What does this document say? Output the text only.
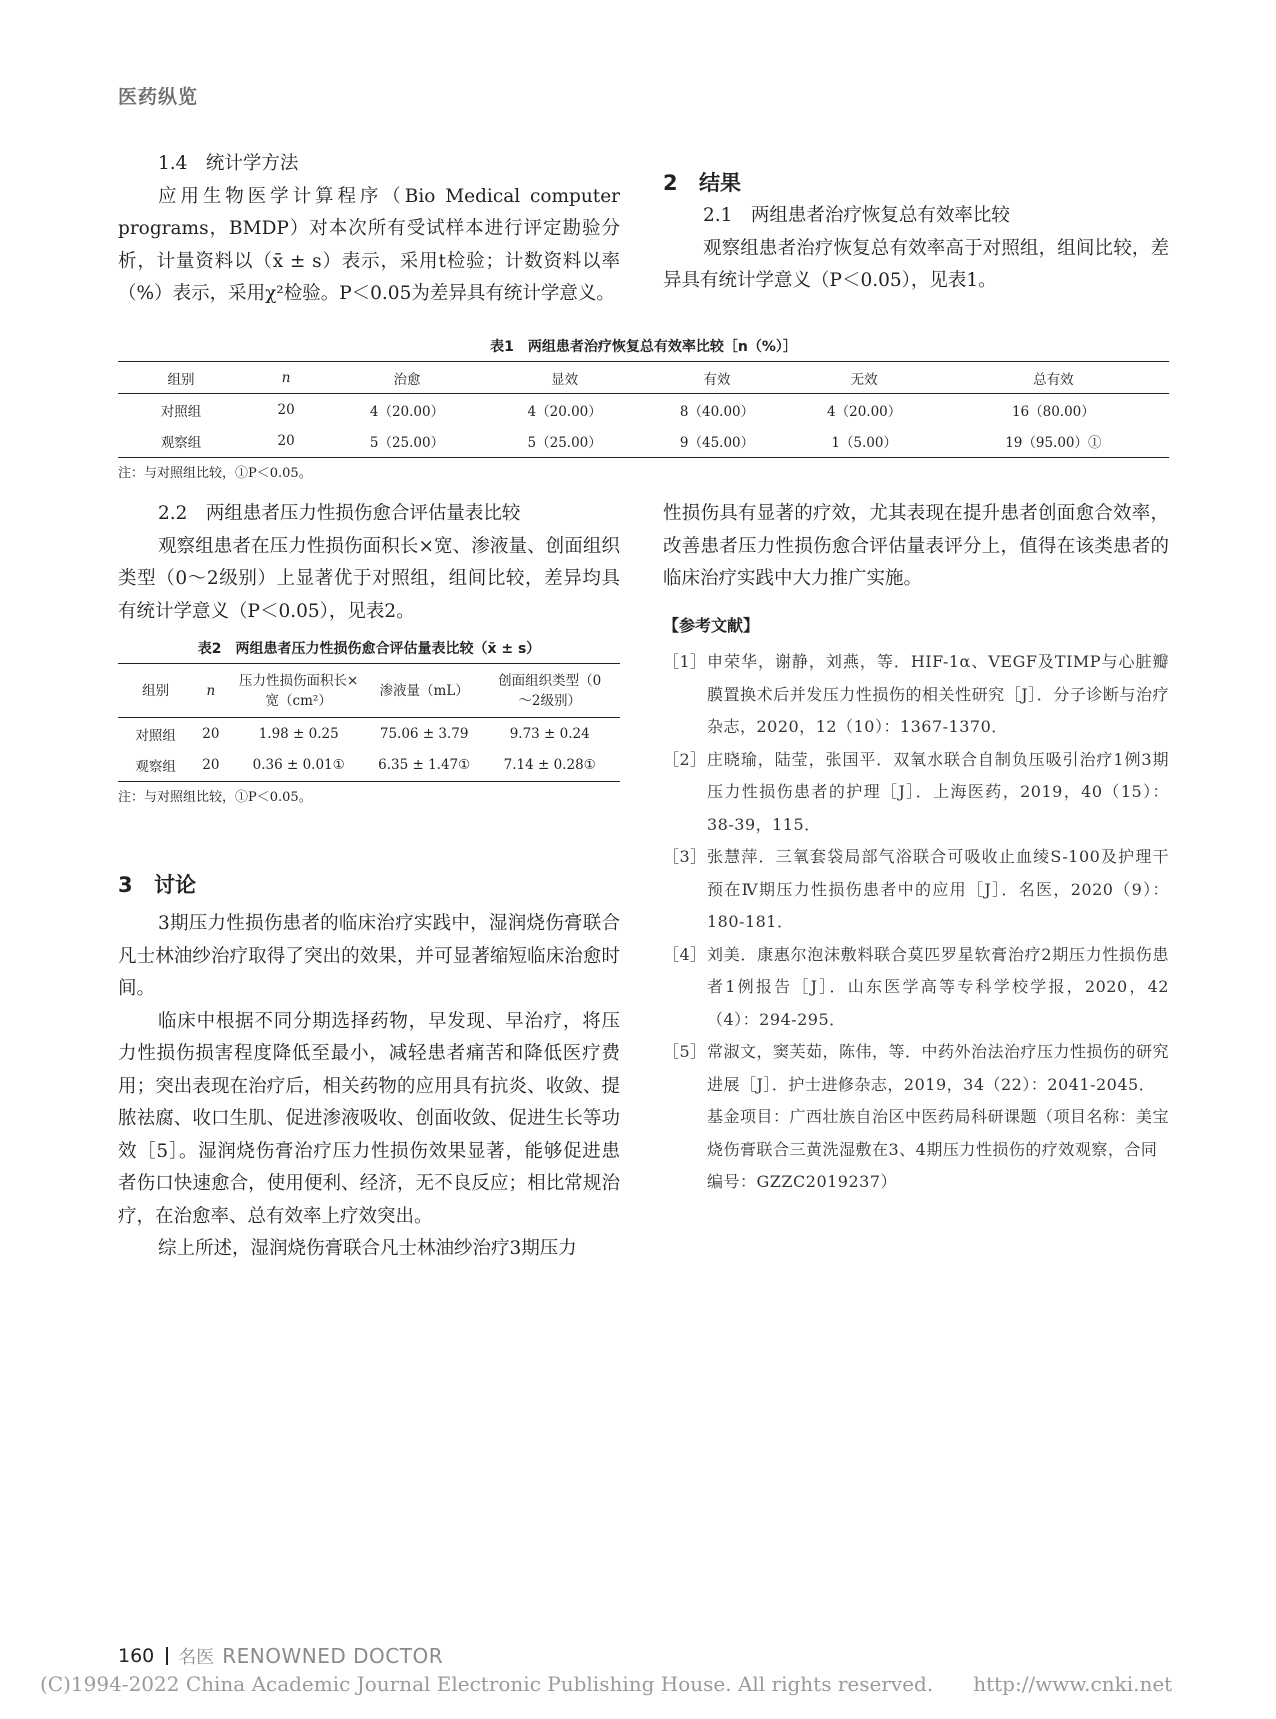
医药纵览
1.4　统计学方法
应用生物医学计算程序（Bio Medical computer programs，BMDP）对本次所有受试样本进行评定勘验分析，计量资料以（x̄ ± s）表示，采用t检验；计数资料以率（%）表示，采用χ²检验。P＜0.05为差异具有统计学意义。
2 结果
2.1　两组患者治疗恢复总有效率比较
观察组患者治疗恢复总有效率高于对照组，组间比较，差异具有统计学意义（P＜0.05），见表1。
表1　两组患者治疗恢复总有效率比较［n（%）］
组别	n	治愈	显效	有效	无效	总有效
对照组	20	4（20.00）	4（20.00）	8（40.00）	4（20.00）	16（80.00）
观察组	20	5（25.00）	5（25.00）	9（45.00）	1（5.00）	19（95.00）①
注：与对照组比较，①P＜0.05。
2.2　两组患者压力性损伤愈合评估量表比较
观察组患者在压力性损伤面积长×宽、渗液量、创面组织类型（0～2级别）上显著优于对照组，组间比较，差异均具有统计学意义（P＜0.05），见表2。
3 讨论
3期压力性损伤患者的临床治疗实践中，湿润烧伤膏联合凡士林油纱治疗取得了突出的效果，并可显著缩短临床治愈时间。
临床中根据不同分期选择药物，早发现、早治疗，将压力性损伤损害程度降低至最小，减轻患者痛苦和降低医疗费用；突出表现在治疗后，相关药物的应用具有抗炎、收敛、提脓祛腐、收口生肌、促进渗液吸收、创面收敛、促进生长等功效［5］。湿润烧伤膏治疗压力性损伤效果显著，能够促进患者伤口快速愈合，使用便利、经济，无不良反应；相比常规治疗，在治愈率、总有效率上疗效突出。
综上所述，湿润烧伤膏联合凡士林油纱治疗3期压力
表2　两组患者压力性损伤愈合评估量表比较（x̄ ± s）
组别	n	压力性损伤面积长×宽（cm²）	渗液量（mL）	创面组织类型（0～2级别）
对照组	20	1.98 ± 0.25	75.06 ± 3.79	9.73 ± 0.24
观察组	20	0.36 ± 0.01①	6.35 ± 1.47①	7.14 ± 0.28①
注：与对照组比较，①P＜0.05。
性损伤具有显著的疗效，尤其表现在提升患者创面愈合效率，改善患者压力性损伤愈合评估量表评分上，值得在该类患者的临床治疗实践中大力推广实施。
【参考文献】
［1］ 申荣华，谢静，刘燕，等．HIF-1α、VEGF及TIMP与心脏瓣膜置换术后并发压力性损伤的相关性研究［J］．分子诊断与治疗杂志，2020，12（10）：1367-1370．
［2］ 庄晓瑜，陆莹，张国平．双氧水联合自制负压吸引治疗1例3期压力性损伤患者的护理［J］．上海医药，2019，40（15）：38-39，115．
［3］ 张慧萍．三氧套袋局部气浴联合可吸收止血绫S-100及护理干预在Ⅳ期压力性损伤患者中的应用［J］．名医，2020（9）：180-181．
［4］ 刘美．康惠尔泡沫敷料联合莫匹罗星软膏治疗2期压力性损伤患者1例报告［J］．山东医学高等专科学校学报，2020，42（4）：294-295．
［5］ 常淑文，窦芙茹，陈伟，等．中药外治法治疗压力性损伤的研究进展［J］．护士进修杂志，2019，34（22）：2041-2045．
基金项目：广西壮族自治区中医药局科研课题（项目名称：美宝烧伤膏联合三黄洗湿敷在3、4期压力性损伤的疗效观察，合同编号：GZZC2019237）
160 名医 RENOWNED DOCTOR
(C)1994-2022 China Academic Journal Electronic Publishing House. All rights reserved.　　http://www.cnki.net
